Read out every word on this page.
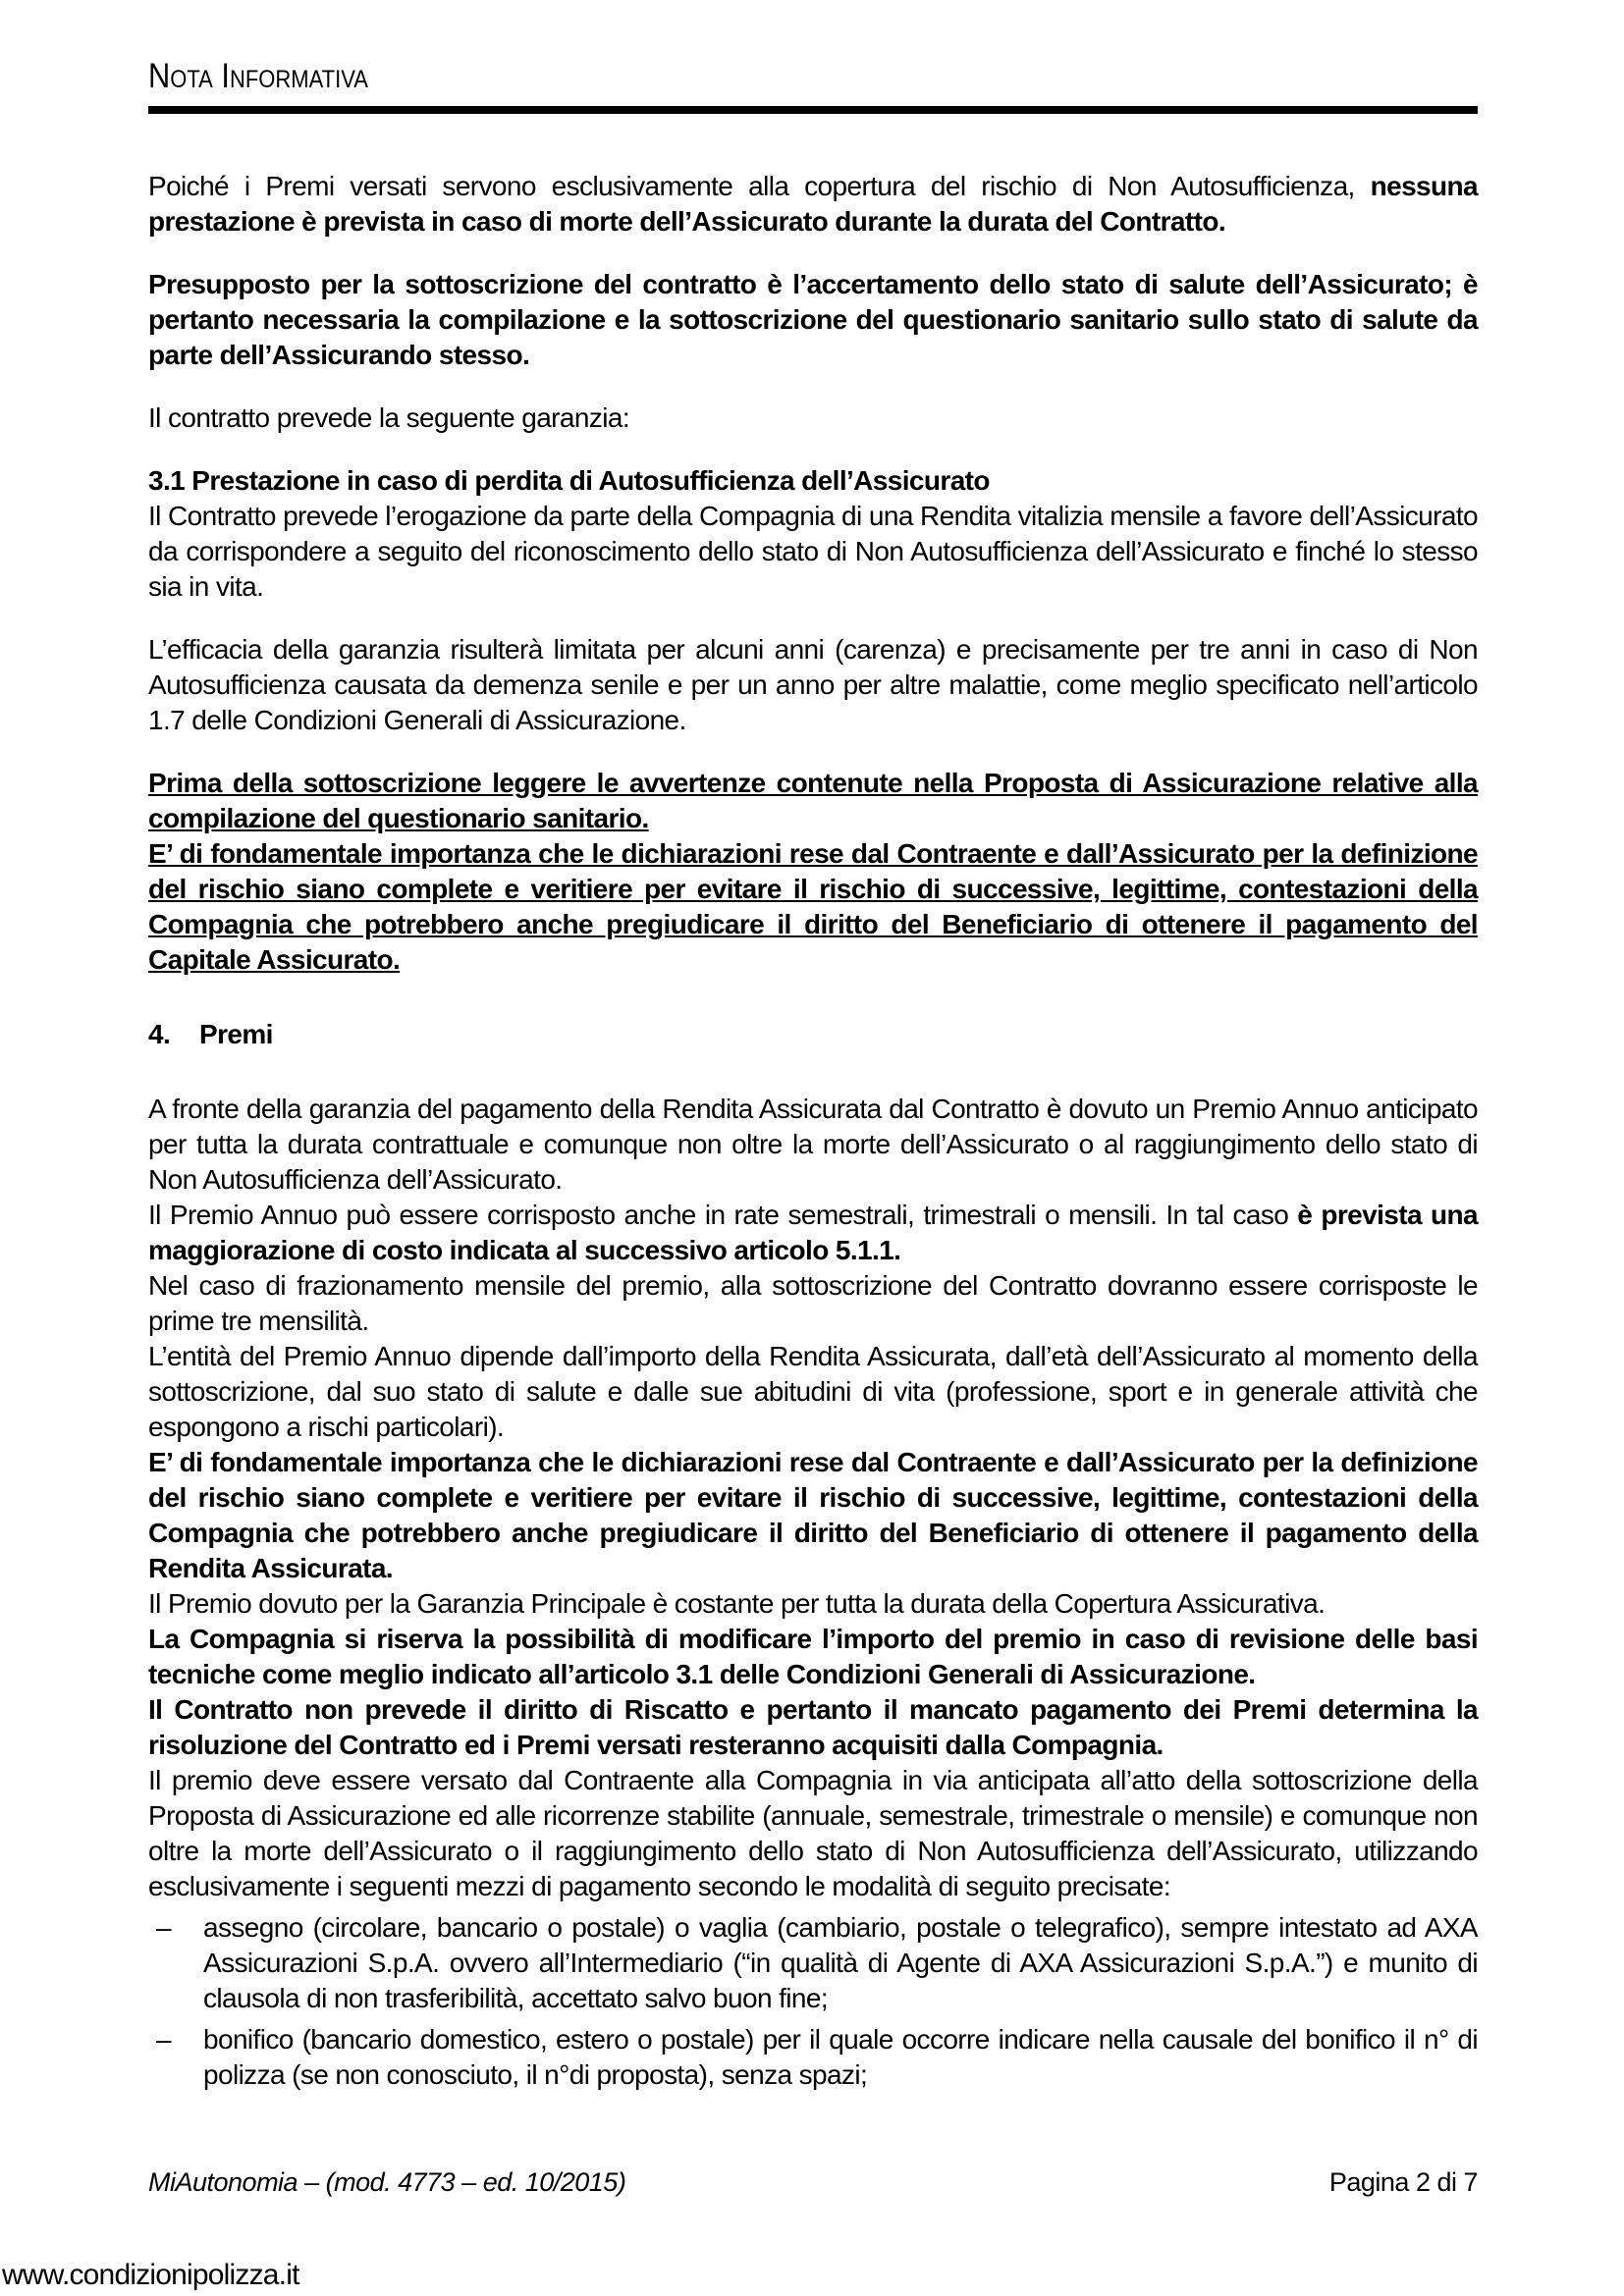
Nota Informativa
Poiché i Premi versati servono esclusivamente alla copertura del rischio di Non Autosufficienza, nessuna prestazione è prevista in caso di morte dell’Assicurato durante la durata del Contratto.
Presupposto per la sottoscrizione del contratto è l’accertamento dello stato di salute dell’Assicurato; è pertanto necessaria la compilazione e la sottoscrizione del questionario sanitario sullo stato di salute da parte dell’Assicurando stesso.
Il contratto prevede la seguente garanzia:
3.1 Prestazione in caso di perdita di Autosufficienza dell’Assicurato
Il Contratto prevede l’erogazione da parte della Compagnia di una Rendita vitalizia mensile a favore dell’Assicurato da corrispondere a seguito del riconoscimento dello stato di Non Autosufficienza dell’Assicurato e finché lo stesso sia in vita.
L’efficacia della garanzia risulterà limitata per alcuni anni (carenza) e precisamente per tre anni in caso di Non Autosufficienza causata da demenza senile e per un anno per altre malattie, come meglio specificato nell’articolo 1.7 delle Condizioni Generali di Assicurazione.
Prima della sottoscrizione leggere le avvertenze contenute nella Proposta di Assicurazione relative alla compilazione del questionario sanitario.
E’ di fondamentale importanza che le dichiarazioni rese dal Contraente e dall’Assicurato per la definizione del rischio siano complete e veritiere per evitare il rischio di successive, legittime, contestazioni della Compagnia che potrebbero anche pregiudicare il diritto del Beneficiario di ottenere il pagamento del Capitale Assicurato.
4. Premi
A fronte della garanzia del pagamento della Rendita Assicurata dal Contratto è dovuto un Premio Annuo anticipato per tutta la durata contrattuale e comunque non oltre la morte dell’Assicurato o al raggiungimento dello stato di Non Autosufficienza dell’Assicurato.
Il Premio Annuo può essere corrisposto anche in rate semestrali, trimestrali o mensili. In tal caso è prevista una maggiorazione di costo indicata al successivo articolo 5.1.1.
Nel caso di frazionamento mensile del premio, alla sottoscrizione del Contratto dovranno essere corrisposte le prime tre mensilità.
L’entità del Premio Annuo dipende dall’importo della Rendita Assicurata, dall’età dell’Assicurato al momento della sottoscrizione, dal suo stato di salute e dalle sue abitudini di vita (professione, sport e in generale attività che espongono a rischi particolari).
E’ di fondamentale importanza che le dichiarazioni rese dal Contraente e dall’Assicurato per la definizione del rischio siano complete e veritiere per evitare il rischio di successive, legittime, contestazioni della Compagnia che potrebbero anche pregiudicare il diritto del Beneficiario di ottenere il pagamento della Rendita Assicurata.
Il Premio dovuto per la Garanzia Principale è costante per tutta la durata della Copertura Assicurativa.
La Compagnia si riserva la possibilità di modificare l’importo del premio in caso di revisione delle basi tecniche come meglio indicato all’articolo 3.1 delle Condizioni Generali di Assicurazione.
Il Contratto non prevede il diritto di Riscatto e pertanto il mancato pagamento dei Premi determina la risoluzione del Contratto ed i Premi versati resteranno acquisiti dalla Compagnia.
Il premio deve essere versato dal Contraente alla Compagnia in via anticipata all’atto della sottoscrizione della Proposta di Assicurazione ed alle ricorrenze stabilite (annuale, semestrale, trimestrale o mensile) e comunque non oltre la morte dell’Assicurato o il raggiungimento dello stato di Non Autosufficienza dell’Assicurato, utilizzando esclusivamente i seguenti mezzi di pagamento secondo le modalità di seguito precisate:
– assegno (circolare, bancario o postale) o vaglia (cambiario, postale o telegrafico), sempre intestato ad AXA Assicurazioni S.p.A. ovvero all’Intermediario (“in qualità di Agente di AXA Assicurazioni S.p.A.”) e munito di clausola di non trasferibilità, accettato salvo buon fine;
– bonifico (bancario domestico, estero o postale) per il quale occorre indicare nella causale del bonifico il n° di polizza (se non conosciuto, il n°di proposta), senza spazi;
MiAutonomia – (mod. 4773 – ed. 10/2015)	Pagina 2 di 7
www.condizionipolizza.it
